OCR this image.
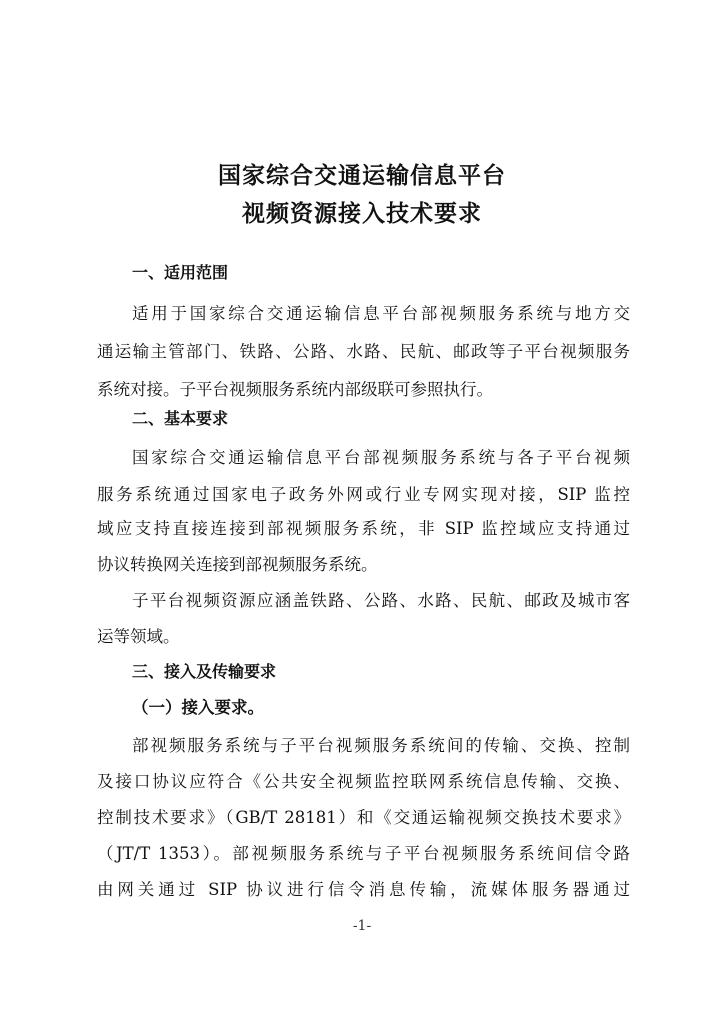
国家综合交通运输信息平台
视频资源接入技术要求
一、适用范围
适用于国家综合交通运输信息平台部视频服务系统与地方交
通运输主管部门、铁路、公路、水路、民航、邮政等子平台视频服务
系统对接。子平台视频服务系统内部级联可参照执行。
二、基本要求
国家综合交通运输信息平台部视频服务系统与各子平台视频
服务系统通过国家电子政务外网或行业专网实现对接，SIP 监控
域应支持直接连接到部视频服务系统，非 SIP 监控域应支持通过
协议转换网关连接到部视频服务系统。
子平台视频资源应涵盖铁路、公路、水路、民航、邮政及城市客
运等领域。
三、接入及传输要求
（一）接入要求。
部视频服务系统与子平台视频服务系统间的传输、交换、控制
及接口协议应符合《公共安全视频监控联网系统信息传输、交换、
控制技术要求》（GB/T 28181）和《交通运输视频交换技术要求》
（JT/T 1353）。部视频服务系统与子平台视频服务系统间信令路
由网关通过 SIP 协议进行信令消息传输，流媒体服务器通过
-1-
